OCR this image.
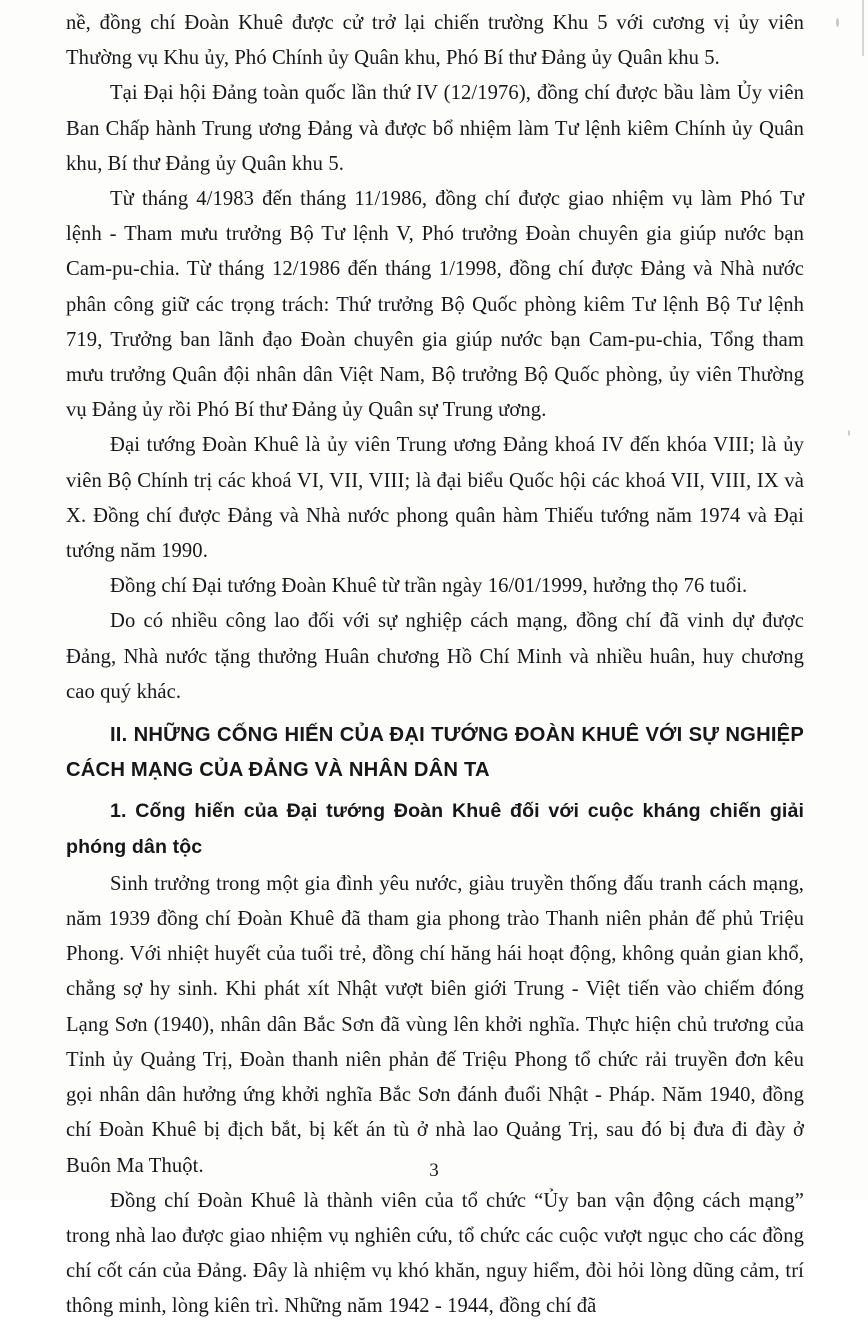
nề, đồng chí Đoàn Khuê được cử trở lại chiến trường Khu 5 với cương vị ủy viên Thường vụ Khu ủy, Phó Chính ủy Quân khu, Phó Bí thư Đảng ủy Quân khu 5.

Tại Đại hội Đảng toàn quốc lần thứ IV (12/1976), đồng chí được bầu làm Ủy viên Ban Chấp hành Trung ương Đảng và được bổ nhiệm làm Tư lệnh kiêm Chính ủy Quân khu, Bí thư Đảng ủy Quân khu 5.

Từ tháng 4/1983 đến tháng 11/1986, đồng chí được giao nhiệm vụ làm Phó Tư lệnh - Tham mưu trưởng Bộ Tư lệnh V, Phó trưởng Đoàn chuyên gia giúp nước bạn Cam-pu-chia. Từ tháng 12/1986 đến tháng 1/1998, đồng chí được Đảng và Nhà nước phân công giữ các trọng trách: Thứ trưởng Bộ Quốc phòng kiêm Tư lệnh Bộ Tư lệnh 719, Trưởng ban lãnh đạo Đoàn chuyên gia giúp nước bạn Cam-pu-chia, Tổng tham mưu trưởng Quân đội nhân dân Việt Nam, Bộ trưởng Bộ Quốc phòng, ủy viên Thường vụ Đảng ủy rồi Phó Bí thư Đảng ủy Quân sự Trung ương.

Đại tướng Đoàn Khuê là ủy viên Trung ương Đảng khoá IV đến khóa VIII; là ủy viên Bộ Chính trị các khoá VI, VII, VIII; là đại biểu Quốc hội các khoá VII, VIII, IX và X. Đồng chí được Đảng và Nhà nước phong quân hàm Thiếu tướng năm 1974 và Đại tướng năm 1990.

Đồng chí Đại tướng Đoàn Khuê từ trần ngày 16/01/1999, hưởng thọ 76 tuổi.

Do có nhiều công lao đối với sự nghiệp cách mạng, đồng chí đã vinh dự được Đảng, Nhà nước tặng thưởng Huân chương Hồ Chí Minh và nhiều huân, huy chương cao quý khác.

II. NHỮNG CỐNG HIẾN CỦA ĐẠI TƯỚNG ĐOÀN KHUÊ VỚI SỰ NGHIỆP CÁCH MẠNG CỦA ĐẢNG VÀ NHÂN DÂN TA
1. Cống hiến của Đại tướng Đoàn Khuê đối với cuộc kháng chiến giải phóng dân tộc

Sinh trưởng trong một gia đình yêu nước, giàu truyền thống đấu tranh cách mạng, năm 1939 đồng chí Đoàn Khuê đã tham gia phong trào Thanh niên phản đế phủ Triệu Phong. Với nhiệt huyết của tuổi trẻ, đồng chí hăng hái hoạt động, không quản gian khổ, chẳng sợ hy sinh. Khi phát xít Nhật vượt biên giới Trung - Việt tiến vào chiếm đóng Lạng Sơn (1940), nhân dân Bắc Sơn đã vùng lên khởi nghĩa. Thực hiện chủ trương của Tỉnh ủy Quảng Trị, Đoàn thanh niên phản đế Triệu Phong tổ chức rải truyền đơn kêu gọi nhân dân hưởng ứng khởi nghĩa Bắc Sơn đánh đuổi Nhật - Pháp. Năm 1940, đồng chí Đoàn Khuê bị địch bắt, bị kết án tù ở nhà lao Quảng Trị, sau đó bị đưa đi đày ở Buôn Ma Thuột.

Đồng chí Đoàn Khuê là thành viên của tổ chức “Ủy ban vận động cách mạng” trong nhà lao được giao nhiệm vụ nghiên cứu, tổ chức các cuộc vượt ngục cho các đồng chí cốt cán của Đảng. Đây là nhiệm vụ khó khăn, nguy hiểm, đòi hỏi lòng dũng cảm, trí thông minh, lòng kiên trì. Những năm 1942 - 1944, đồng chí đã

3
